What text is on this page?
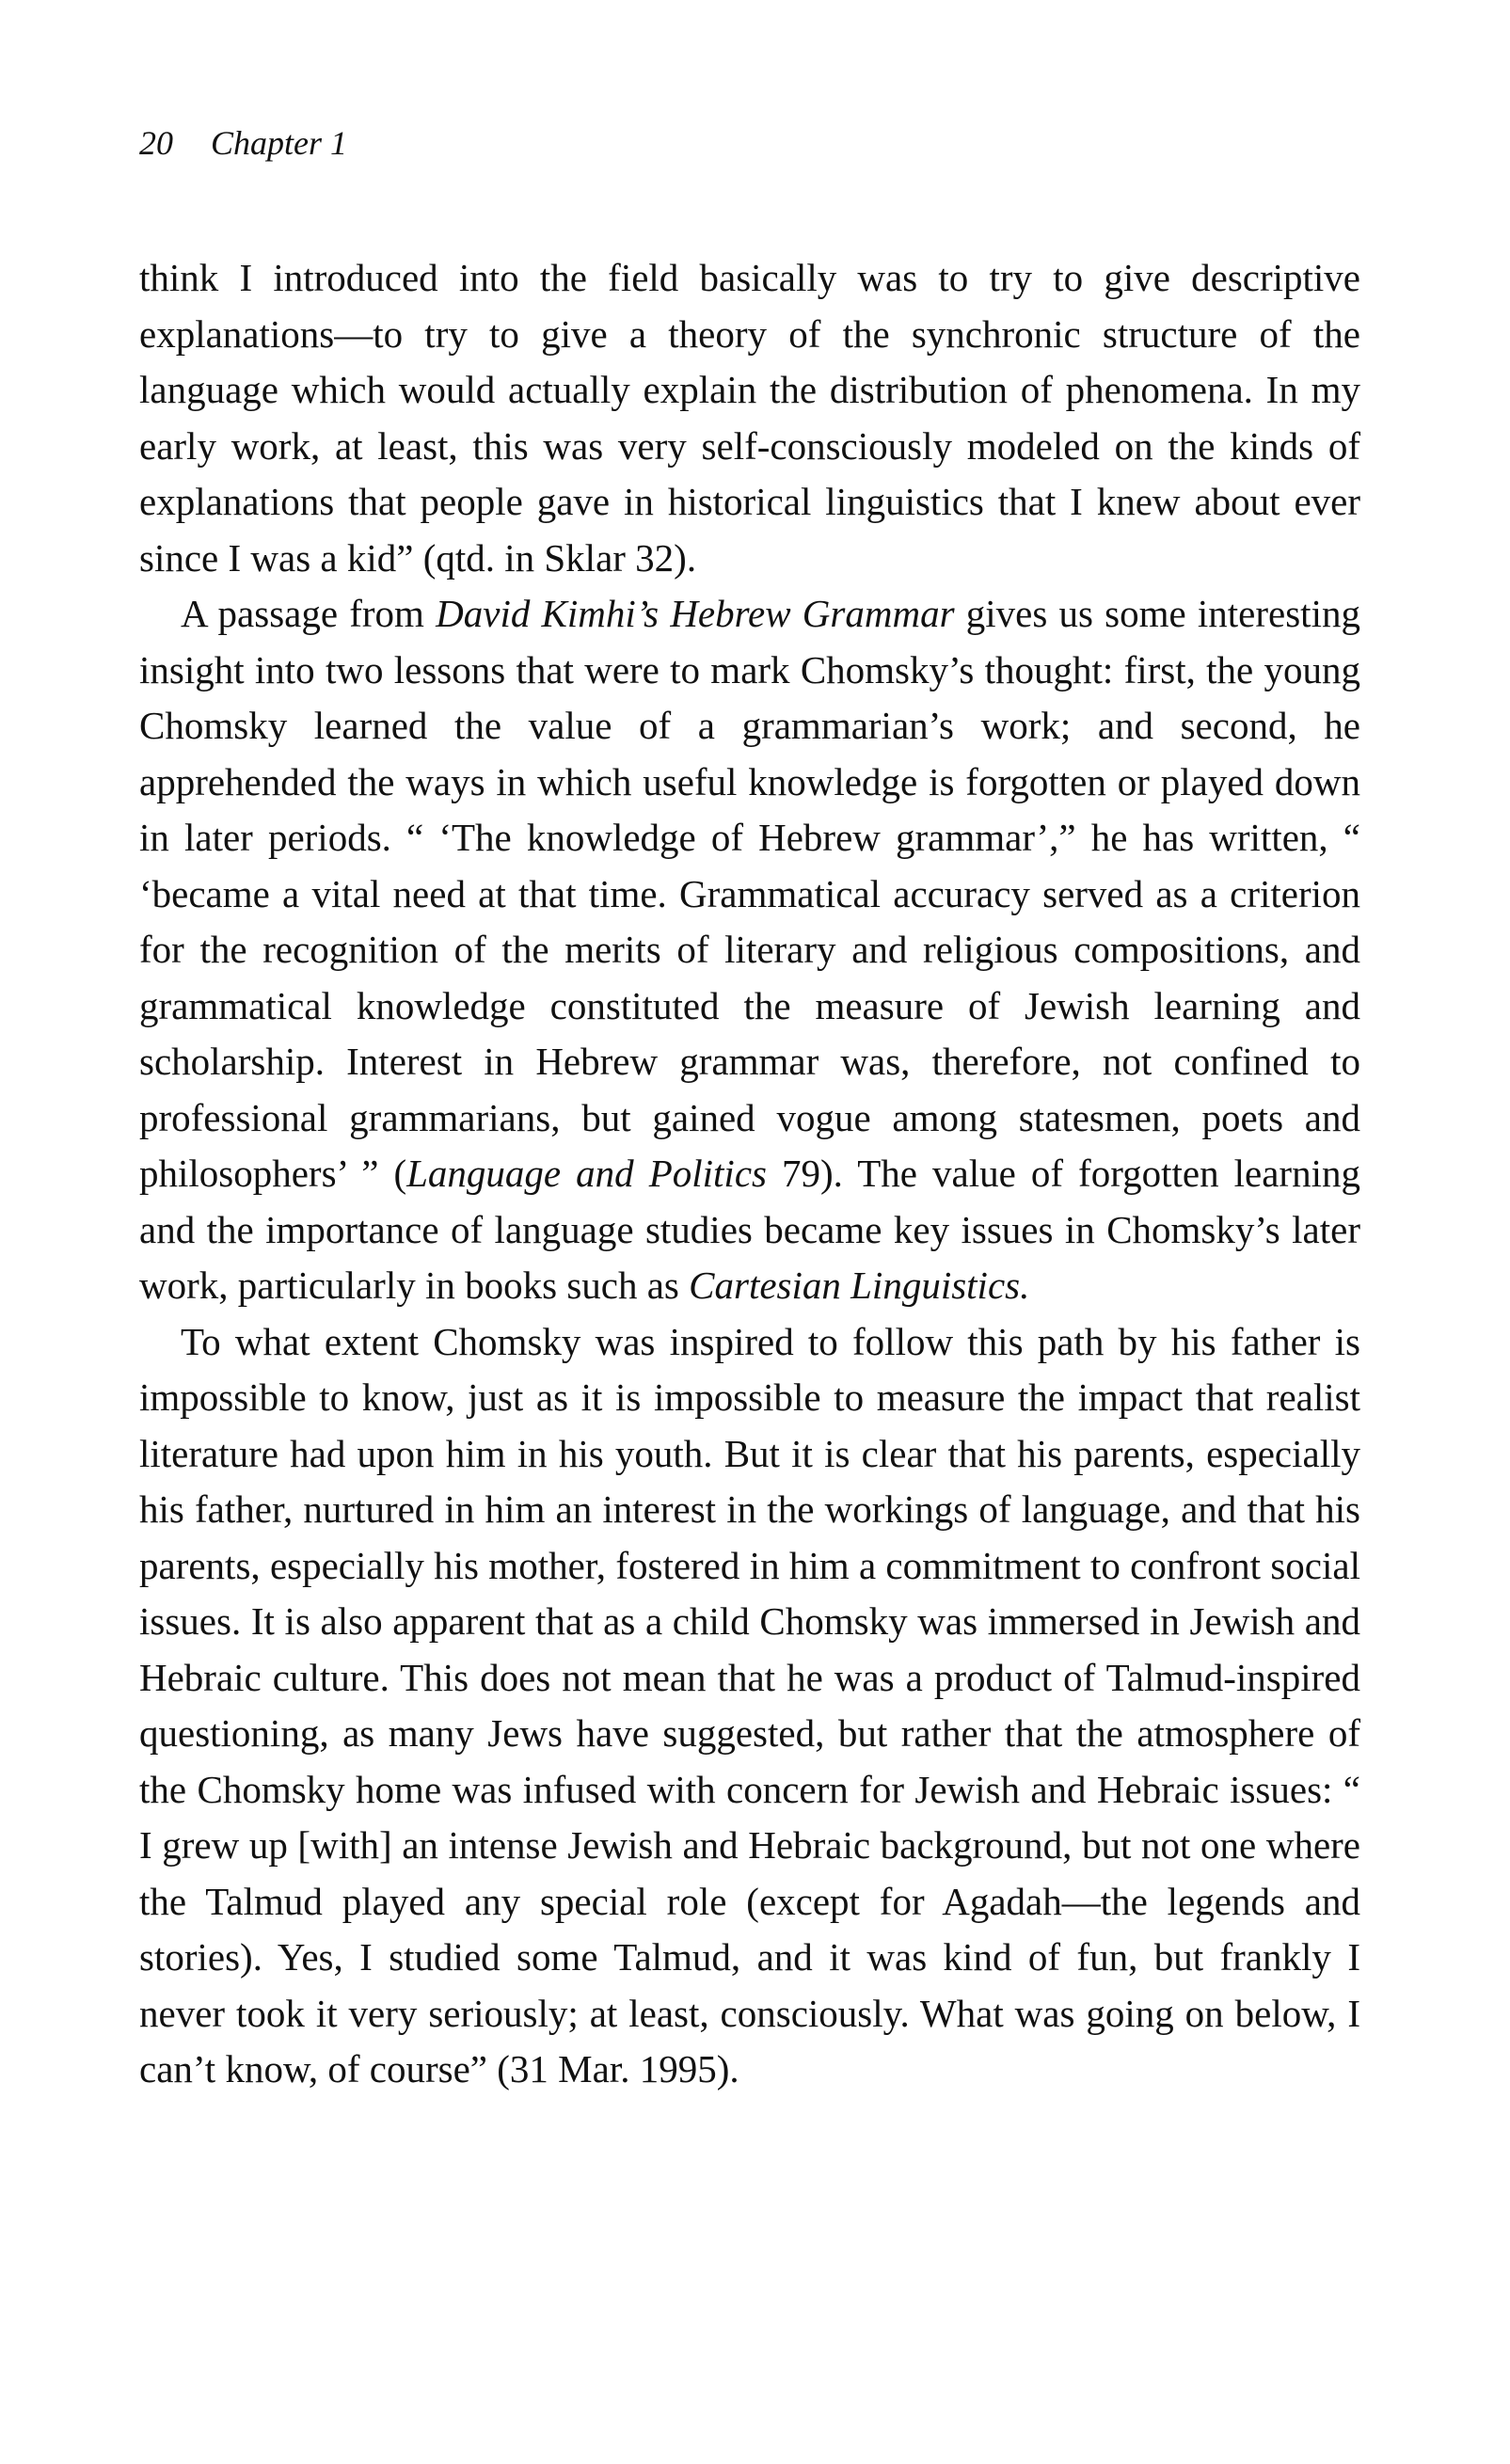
20 Chapter 1

think I introduced into the field basically was to try to give descriptive explanations—to try to give a theory of the synchronic structure of the language which would actually explain the distribution of phenomena. In my early work, at least, this was very self-consciously modeled on the kinds of explanations that people gave in historical linguistics that I knew about ever since I was a kid” (qtd. in Sklar 32).

A passage from David Kimhi’s Hebrew Grammar gives us some interesting insight into two lessons that were to mark Chomsky’s thought: first, the young Chomsky learned the value of a grammarian’s work; and second, he apprehended the ways in which useful knowledge is forgotten or played down in later periods. “ ‘The knowledge of Hebrew grammar’,” he has written, “ ‘became a vital need at that time. Grammatical accuracy served as a criterion for the recognition of the merits of literary and religious compositions, and grammatical knowledge constituted the measure of Jewish learning and scholarship. Interest in Hebrew grammar was, therefore, not confined to professional grammarians, but gained vogue among statesmen, poets and philosophers’ ” (Language and Politics 79). The value of forgotten learning and the importance of language studies became key issues in Chomsky’s later work, particularly in books such as Cartesian Linguistics.

To what extent Chomsky was inspired to follow this path by his father is impossible to know, just as it is impossible to measure the impact that realist literature had upon him in his youth. But it is clear that his parents, especially his father, nurtured in him an interest in the workings of language, and that his parents, especially his mother, fostered in him a commitment to confront social issues. It is also apparent that as a child Chomsky was immersed in Jewish and Hebraic culture. This does not mean that he was a product of Talmud-inspired questioning, as many Jews have suggested, but rather that the atmosphere of the Chomsky home was infused with concern for Jewish and Hebraic issues: “ I grew up [with] an intense Jewish and Hebraic background, but not one where the Talmud played any special role (except for Agadah—the legends and stories). Yes, I studied some Talmud, and it was kind of fun, but frankly I never took it very seriously; at least, consciously. What was going on below, I can’t know, of course” (31 Mar. 1995).
